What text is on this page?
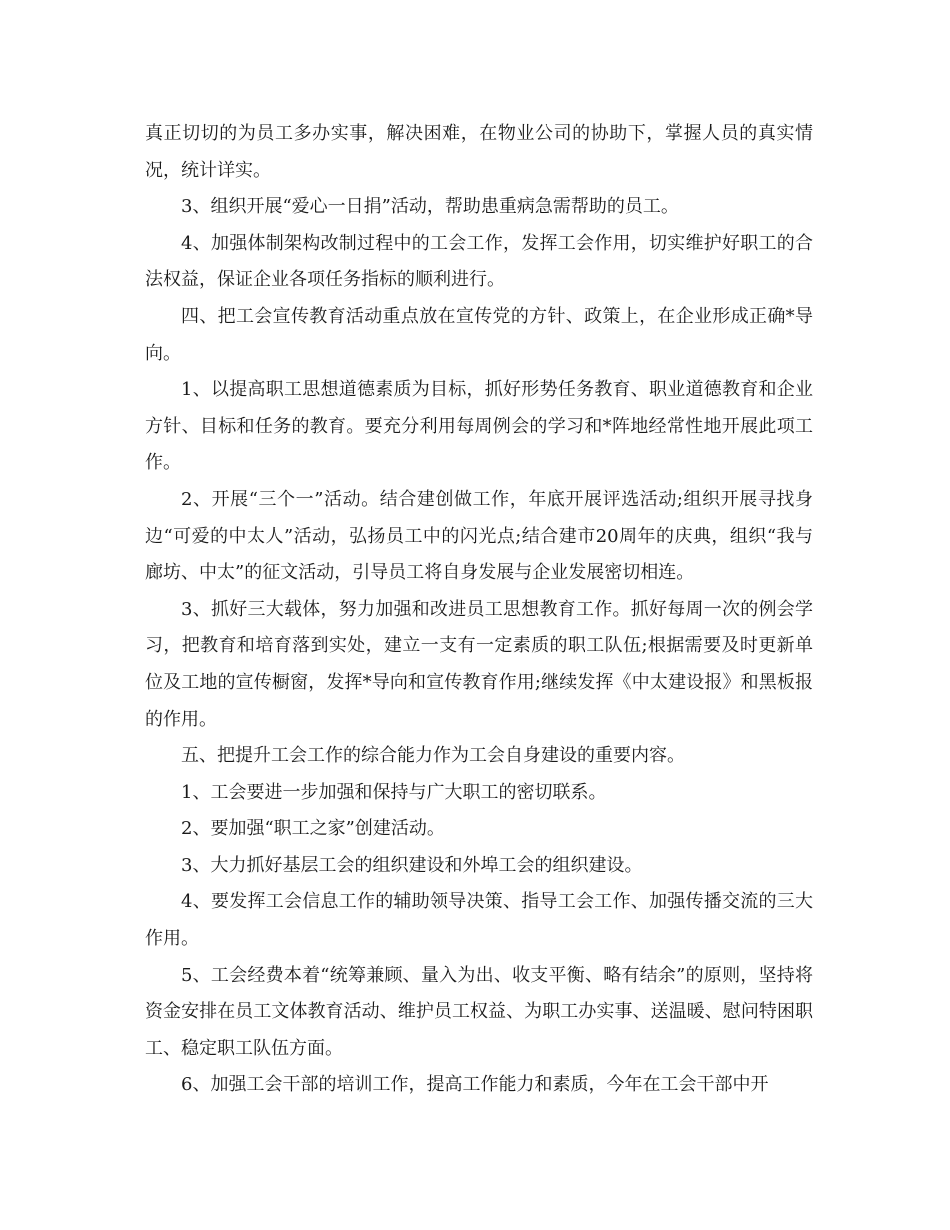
真正切切的为员工多办实事，解决困难，在物业公司的协助下，掌握人员的真实情况，统计详实。

3、组织开展“爱心一日捐”活动，帮助患重病急需帮助的员工。

4、加强体制架构改制过程中的工会工作，发挥工会作用，切实维护好职工的合法权益，保证企业各项任务指标的顺利进行。

四、把工会宣传教育活动重点放在宣传党的方针、政策上，在企业形成正确*导向。

1、以提高职工思想道德素质为目标，抓好形势任务教育、职业道德教育和企业方针、目标和任务的教育。要充分利用每周例会的学习和*阵地经常性地开展此项工作。

2、开展“三个一”活动。结合建创做工作，年底开展评选活动;组织开展寻找身边“可爱的中太人”活动，弘扬员工中的闪光点;结合建市20周年的庆典，组织“我与廊坊、中太”的征文活动，引导员工将自身发展与企业发展密切相连。

3、抓好三大载体，努力加强和改进员工思想教育工作。抓好每周一次的例会学习，把教育和培育落到实处，建立一支有一定素质的职工队伍;根据需要及时更新单位及工地的宣传橱窗，发挥*导向和宣传教育作用;继续发挥《中太建设报》和黑板报的作用。

五、把提升工会工作的综合能力作为工会自身建设的重要内容。

1、工会要进一步加强和保持与广大职工的密切联系。

2、要加强“职工之家”创建活动。

3、大力抓好基层工会的组织建设和外埠工会的组织建设。

4、要发挥工会信息工作的辅助领导决策、指导工会工作、加强传播交流的三大作用。

5、工会经费本着“统筹兼顾、量入为出、收支平衡、略有结余”的原则，坚持将资金安排在员工文体教育活动、维护员工权益、为职工办实事、送温暖、慰问特困职工、稳定职工队伍方面。

6、加强工会干部的培训工作，提高工作能力和素质，今年在工会干部中开
